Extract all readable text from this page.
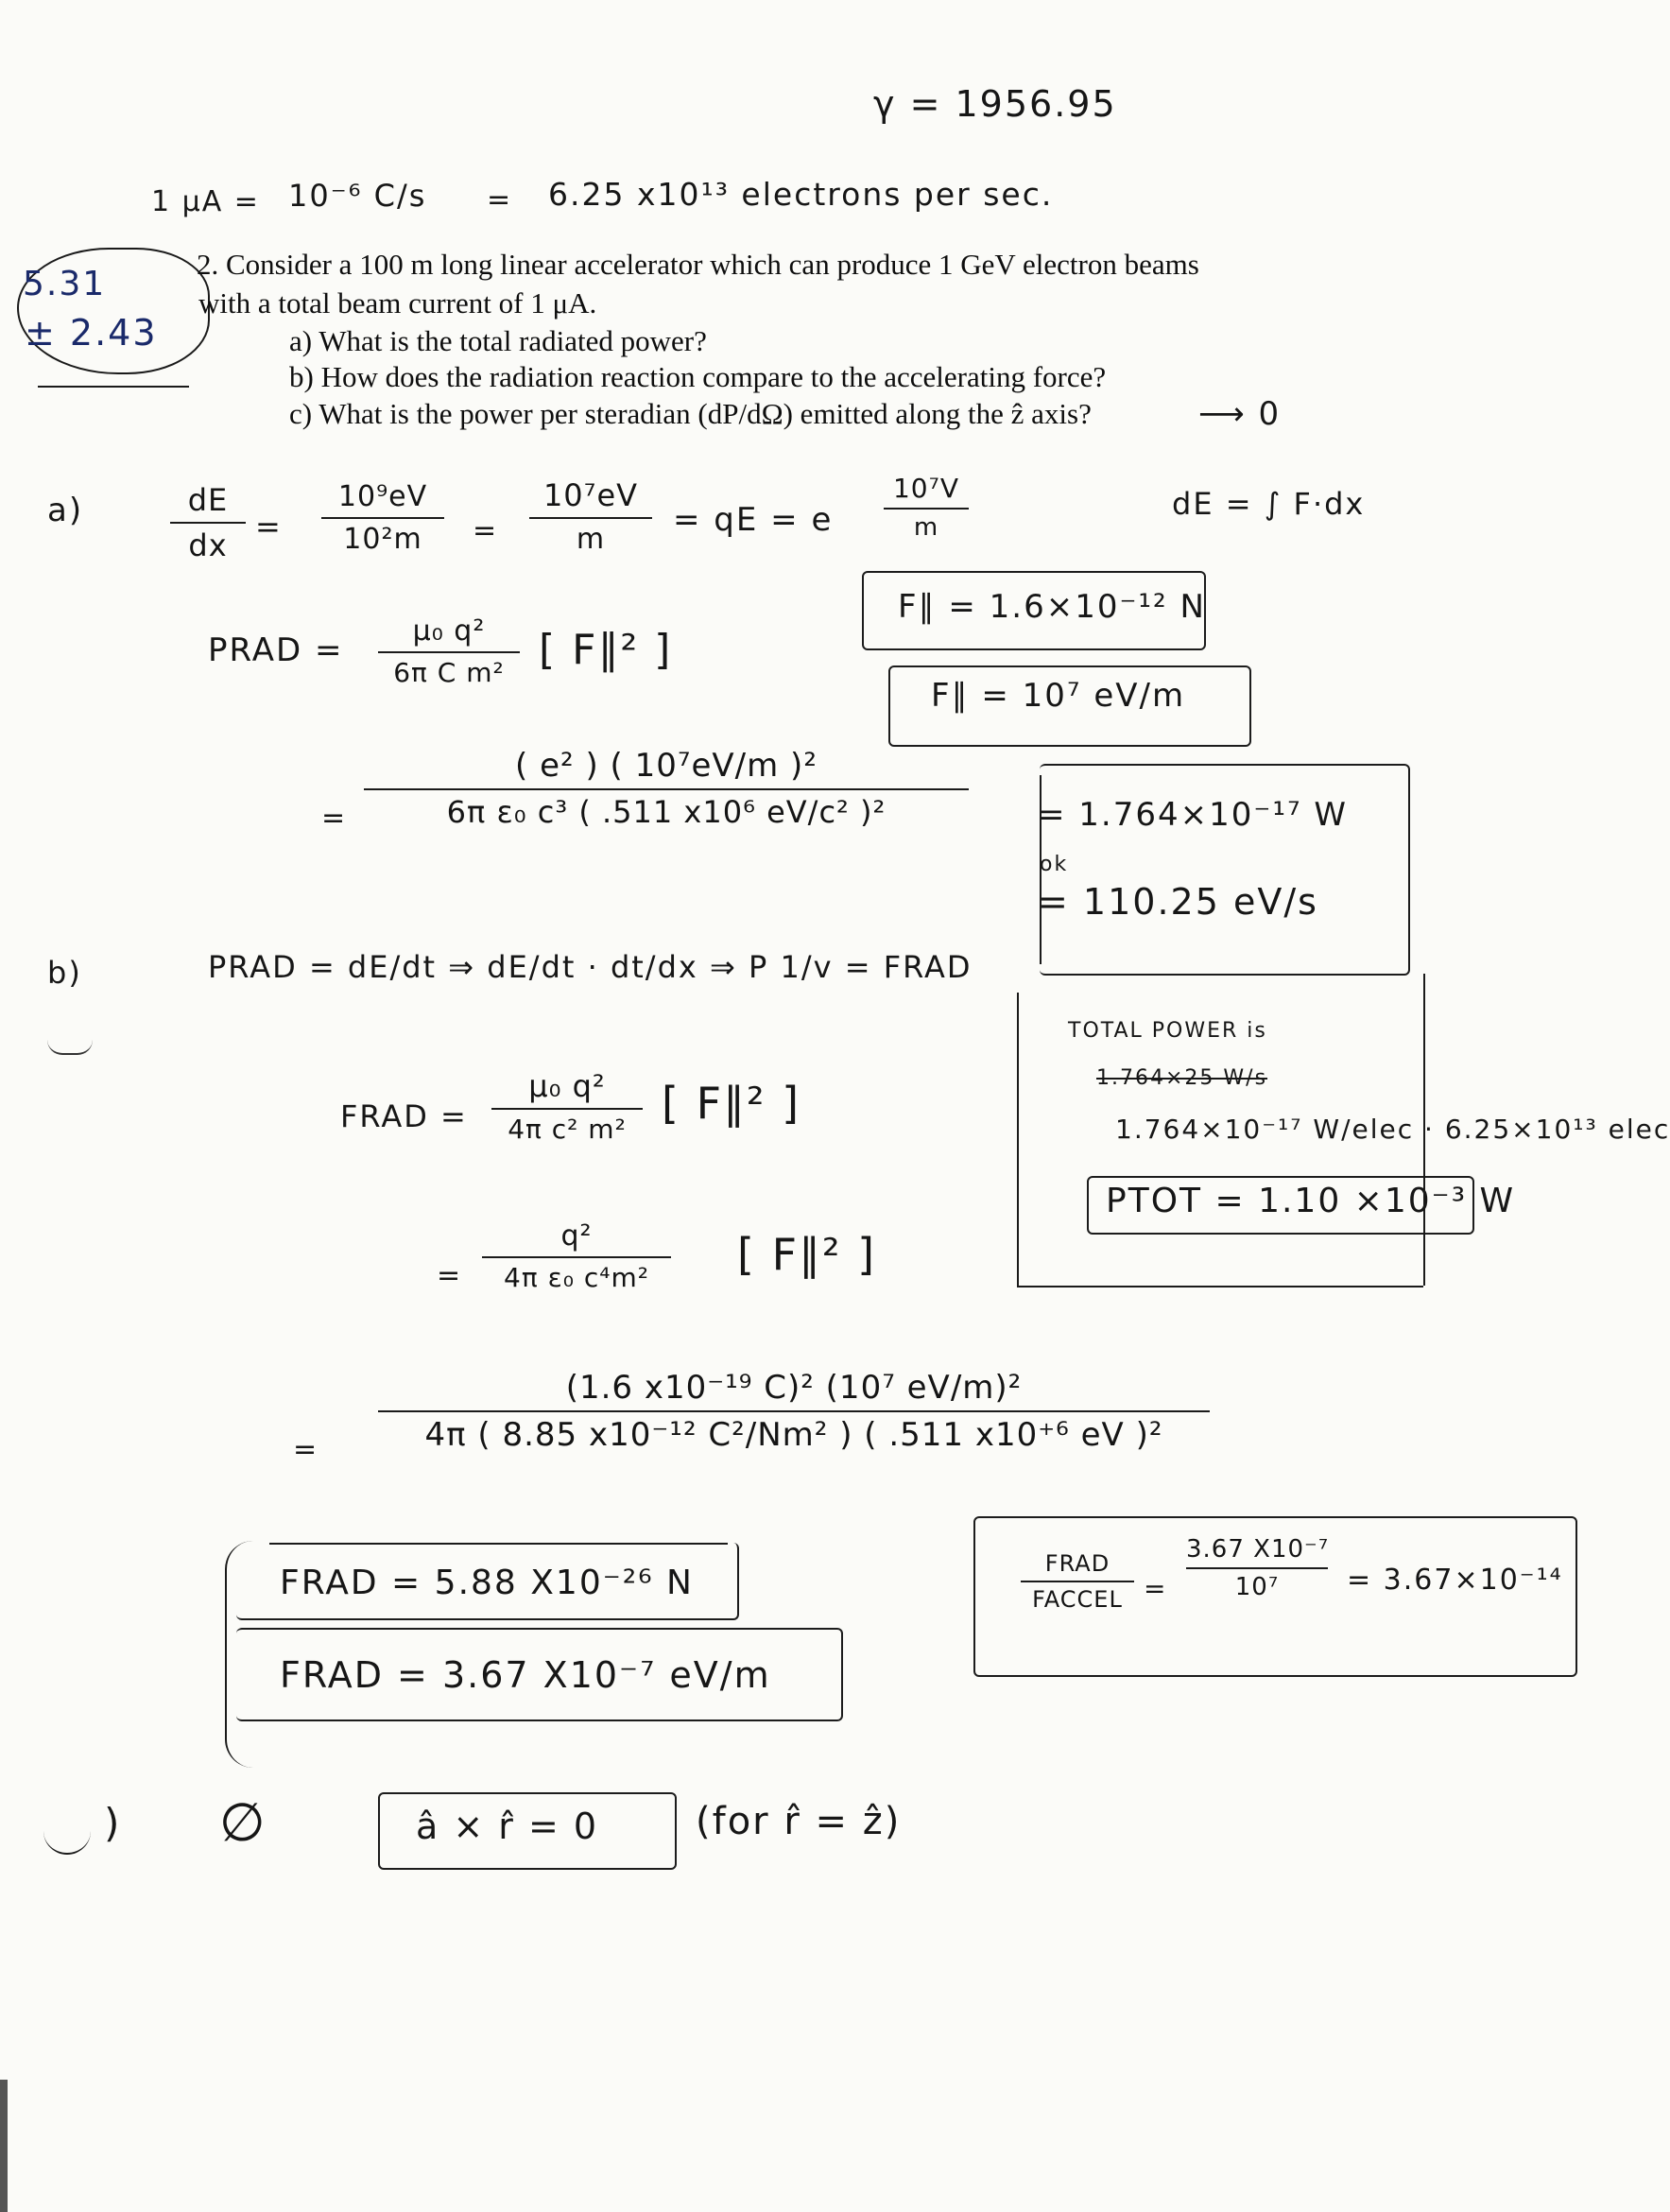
γ = 1956.95
1 μA = 10⁻⁶ C/s = 6.25 x10¹³ electrons per sec.
5.31
± 2.43
2. Consider a 100 m long linear accelerator which can produce 1 GeV electron beams
with a total beam current of 1 μA.
a) What is the total radiated power?
b) How does the radiation reaction compare to the accelerating force?
c) What is the power per steradian (dP/dΩ) emitted along the ẑ axis?	⟶ 0
a)	dE
dx
=
10⁹eV
10²m	=
10⁷eV
m
= qE = e
10⁷V
m
dE = ∫ F·dx
F∥ = 1.6×10⁻¹² N
F∥ = 10⁷ eV/m
PRAD =
μ₀ q²
6π C m² [ F∥² ]
=
( e² ) ( 10⁷eV/m )²
6π ε₀ c³ ( .511 x10⁶ eV/c² )²	= 1.764×10⁻¹⁷ W
ok
= 110.25 eV/s
TOTAL POWER is
1.764×25 W/s
1.764×10⁻¹⁷ W/elec · 6.25×10¹³ elec
PTOT = 1.10 ×10⁻³ W
b)	PRAD = dE/dt ⇒ dE/dt · dt/dx ⇒ P 1/v = FRAD
FRAD =
μ₀ q²
4π c² m²
[ F∥² ]
=
q²
4π ε₀ c⁴m²	[ F∥² ]
=
(1.6 x10⁻¹⁹ C)² (10⁷ eV/m)²
4π ( 8.85 x10⁻¹² C²/Nm² ) ( .511 x10⁺⁶ eV )²
FRAD = 5.88 X10⁻²⁶ N
FRAD = 3.67 X10⁻⁷ eV/m
FRAD
FACCEL =
3.67 X10⁻⁷
10⁷	= 3.67×10⁻¹⁴
) ∅	â × r̂ = 0	(for r̂ = ẑ)
